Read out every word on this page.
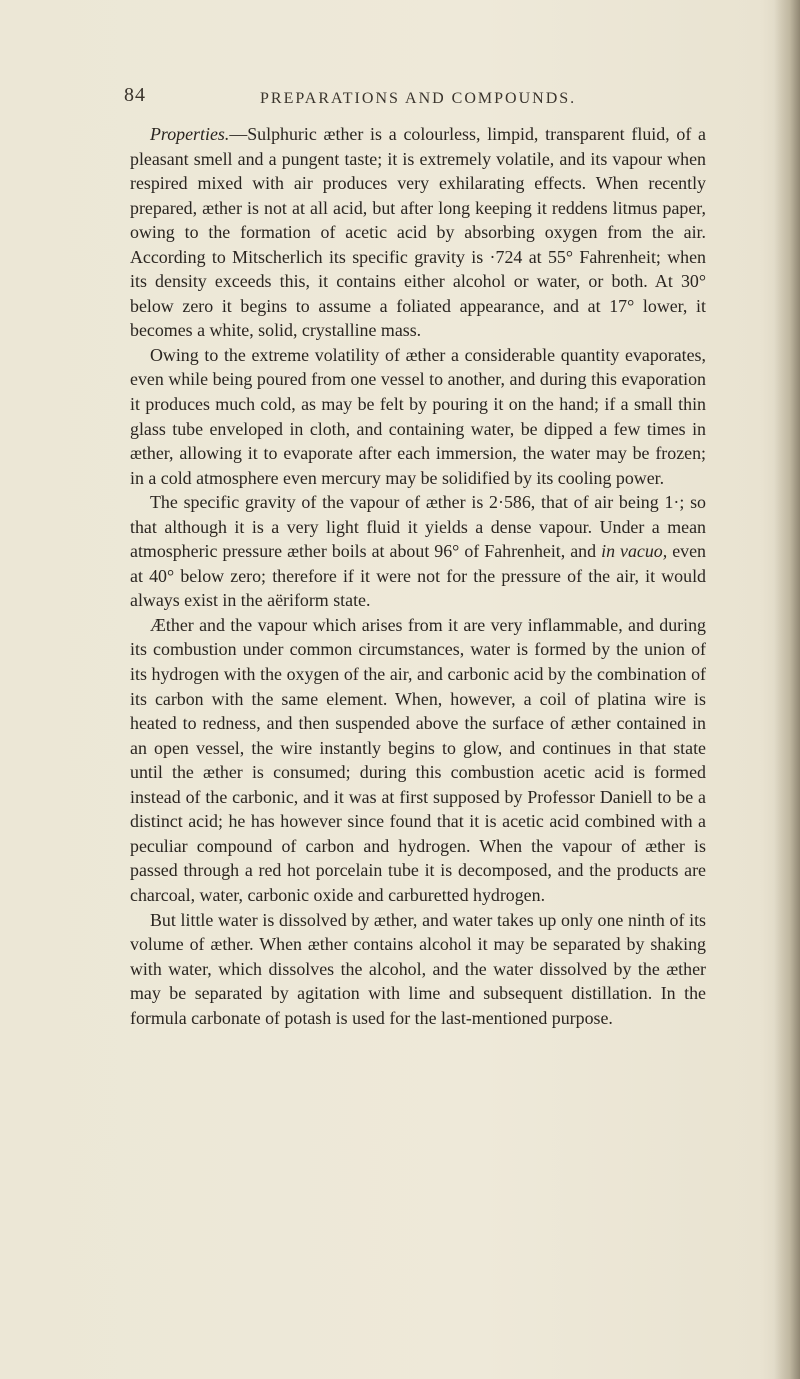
84	PREPARATIONS AND COMPOUNDS.

Properties.—Sulphuric æther is a colourless, limpid, transparent fluid, of a pleasant smell and a pungent taste; it is extremely volatile, and its vapour when respired mixed with air produces very exhilarating effects. When recently prepared, æther is not at all acid, but after long keeping it reddens litmus paper, owing to the formation of acetic acid by absorbing oxygen from the air. According to Mitscherlich its specific gravity is ·724 at 55° Fahrenheit; when its density exceeds this, it contains either alcohol or water, or both. At 30° below zero it begins to assume a foliated appearance, and at 17° lower, it becomes a white, solid, crystalline mass.

Owing to the extreme volatility of æther a considerable quantity evaporates, even while being poured from one vessel to another, and during this evaporation it produces much cold, as may be felt by pouring it on the hand; if a small thin glass tube enveloped in cloth, and containing water, be dipped a few times in æther, allowing it to evaporate after each immersion, the water may be frozen; in a cold atmosphere even mercury may be solidified by its cooling power.

The specific gravity of the vapour of æther is 2·586, that of air being 1·; so that although it is a very light fluid it yields a dense vapour. Under a mean atmospheric pressure æther boils at about 96° of Fahrenheit, and in vacuo, even at 40° below zero; therefore if it were not for the pressure of the air, it would always exist in the aëriform state.

Æther and the vapour which arises from it are very inflammable, and during its combustion under common circumstances, water is formed by the union of its hydrogen with the oxygen of the air, and carbonic acid by the combination of its carbon with the same element. When, however, a coil of platina wire is heated to redness, and then suspended above the surface of æther contained in an open vessel, the wire instantly begins to glow, and continues in that state until the æther is consumed; during this combustion acetic acid is formed instead of the carbonic, and it was at first supposed by Professor Daniell to be a distinct acid; he has however since found that it is acetic acid combined with a peculiar compound of carbon and hydrogen. When the vapour of æther is passed through a red hot porcelain tube it is decomposed, and the products are charcoal, water, carbonic oxide and carburetted hydrogen.

But little water is dissolved by æther, and water takes up only one ninth of its volume of æther. When æther contains alcohol it may be separated by shaking with water, which dissolves the alcohol, and the water dissolved by the æther may be separated by agitation with lime and subsequent distillation. In the formula carbonate of potash is used for the last-mentioned purpose.
